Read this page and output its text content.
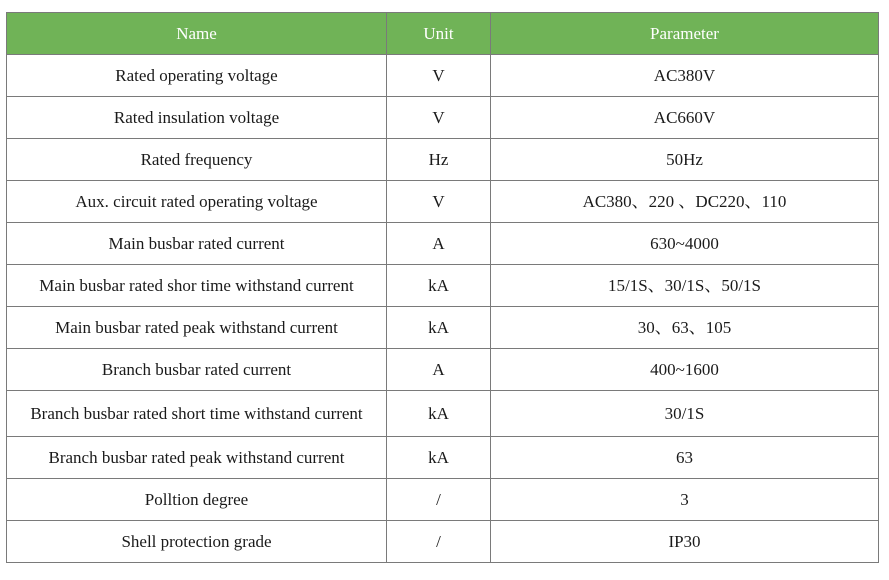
Name	Unit	Parameter
Rated operating voltage	V	AC380V
Rated insulation voltage	V	AC660V
Rated frequency	Hz	50Hz
Aux. circuit rated operating voltage	V	AC380、220 、DC220、110
Main busbar rated current	A	630~4000
Main busbar rated shor time withstand current	kA	15/1S、30/1S、50/1S
Main busbar rated peak withstand current	kA	30、63、105
Branch busbar rated current	A	400~1600
Branch busbar rated short time withstand current	kA	30/1S
Branch busbar rated peak withstand current	kA	63
Polltion degree	/	3
Shell protection grade	/	IP30
